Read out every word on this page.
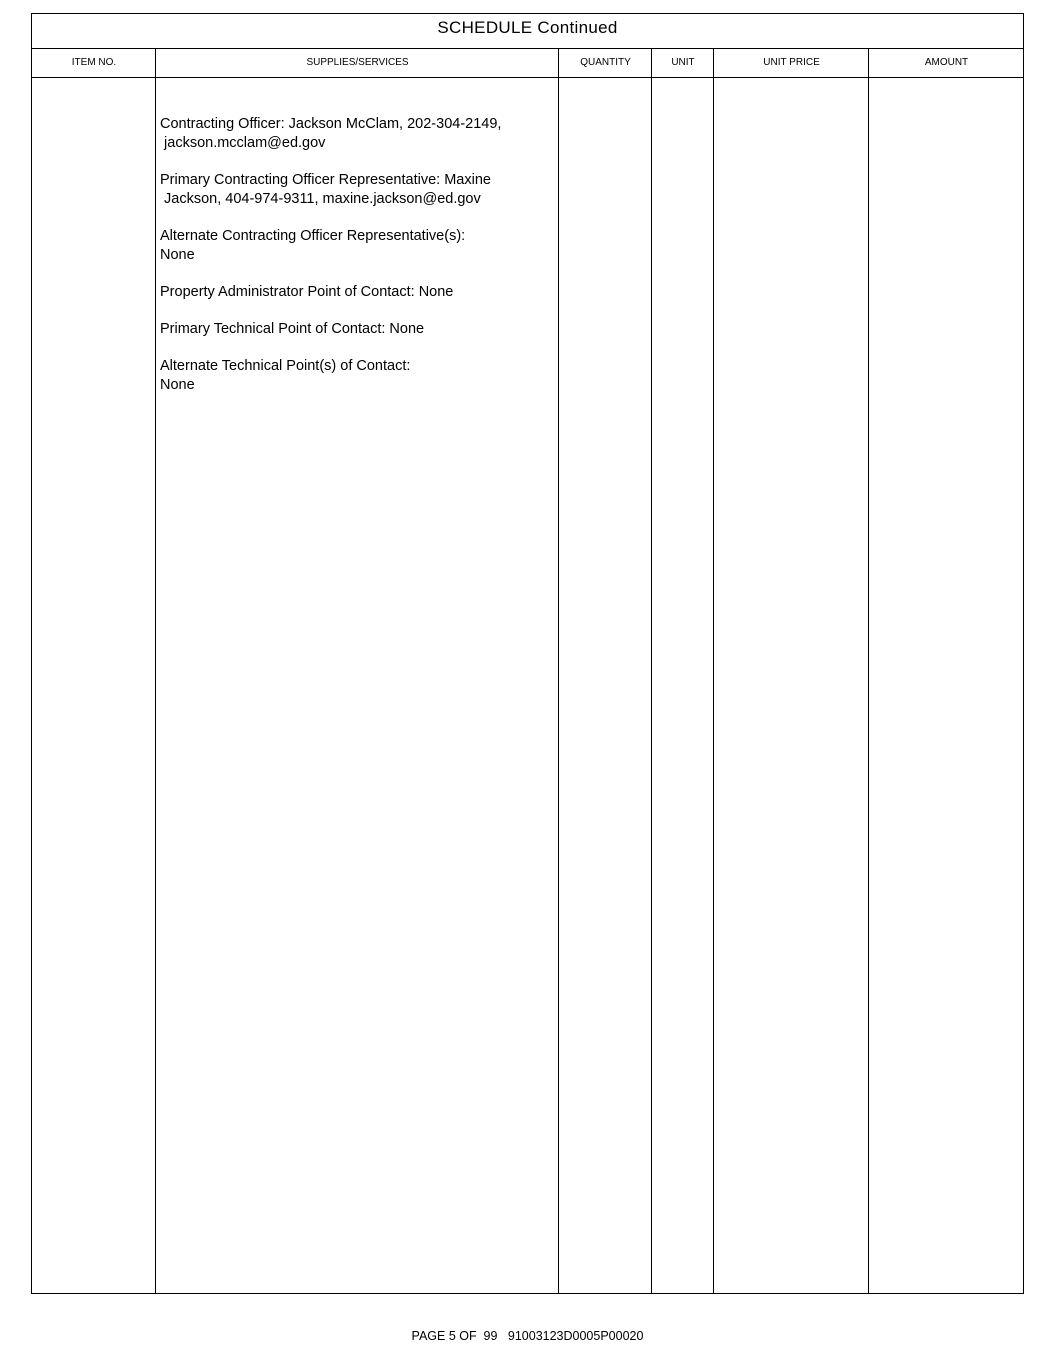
SCHEDULE Continued
ITEM NO.	SUPPLIES/SERVICES	QUANTITY	UNIT	UNIT PRICE	AMOUNT
Contracting Officer: Jackson McClam, 202-304-2149,
jackson.mcclam@ed.gov
Primary Contracting Officer Representative: Maxine
Jackson, 404-974-9311, maxine.jackson@ed.gov
Alternate Contracting Officer Representative(s):
None
Property Administrator Point of Contact: None
Primary Technical Point of Contact: None
Alternate Technical Point(s) of Contact:
None
PAGE 5 OF  99 91003123D0005P00020
